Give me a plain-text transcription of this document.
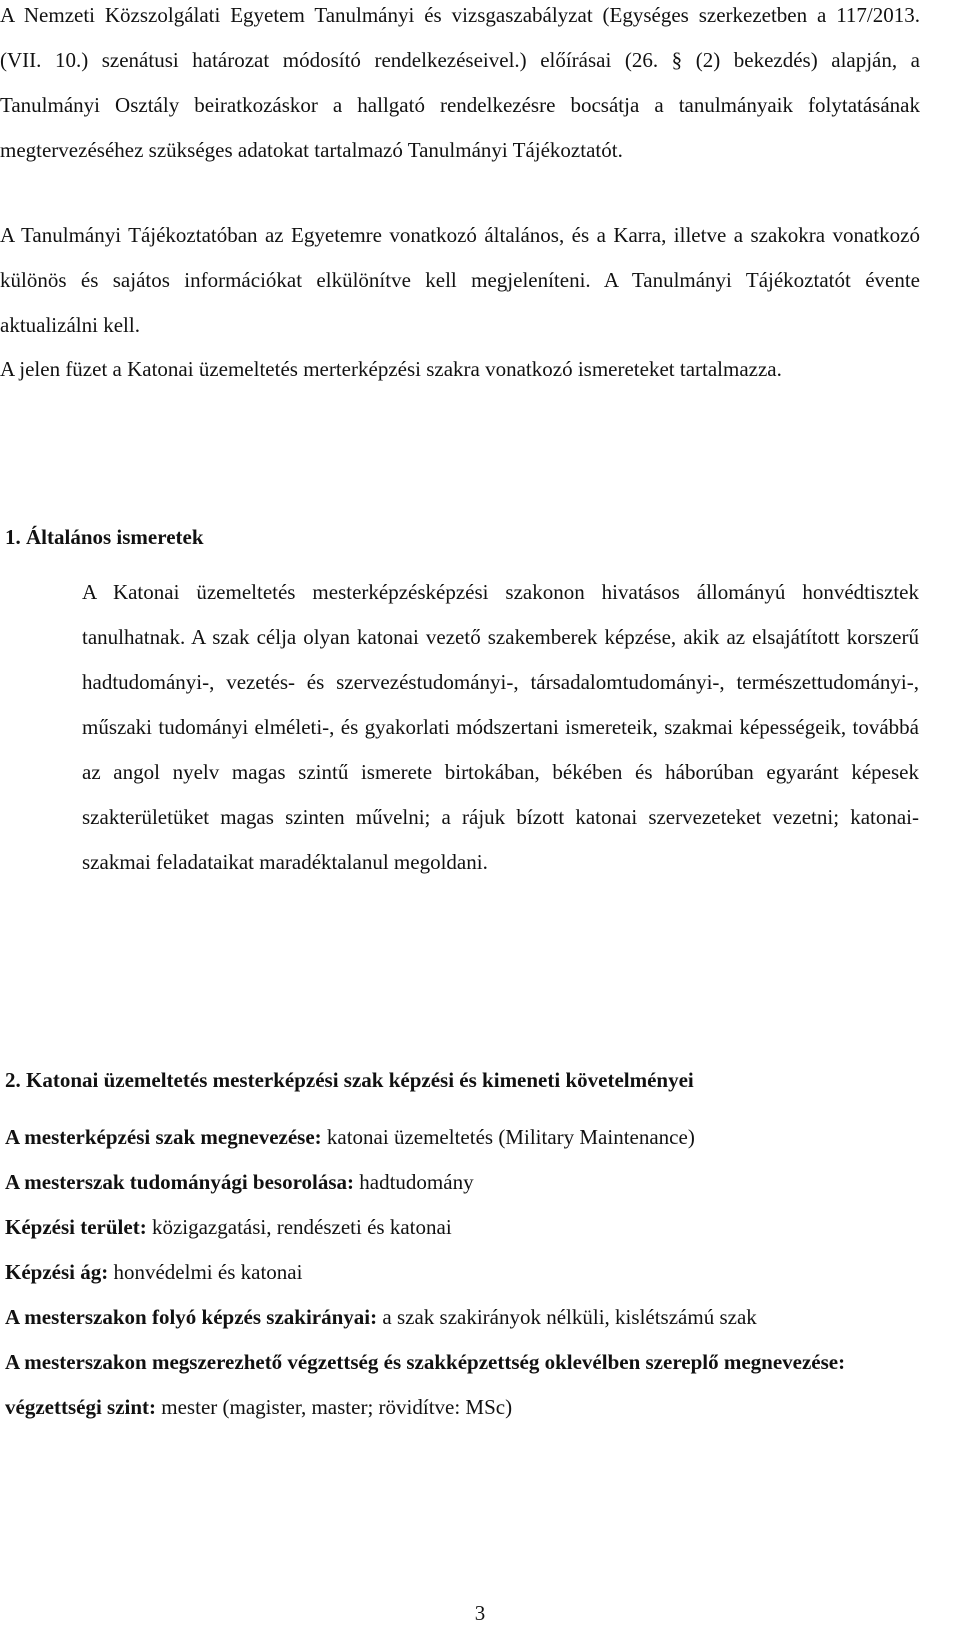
A Nemzeti Közszolgálati Egyetem Tanulmányi és vizsgaszabályzat (Egységes szerkezetben a 117/2013. (VII. 10.) szenátusi határozat módosító rendelkezéseivel.) előírásai (26. § (2) bekezdés) alapján, a Tanulmányi Osztály beiratkozáskor a hallgató rendelkezésre bocsátja a tanulmányaik folytatásának megtervezéséhez szükséges adatokat tartalmazó Tanulmányi Tájékoztatót.

A Tanulmányi Tájékoztatóban az Egyetemre vonatkozó általános, és a Karra, illetve a szakokra vonatkozó különös és sajátos információkat elkülönítve kell megjeleníteni. A Tanulmányi Tájékoztatót évente aktualizálni kell.

A jelen füzet a Katonai üzemeltetés merterképzési szakra vonatkozó ismereteket tartalmazza.

1. Általános ismeretek

A Katonai üzemeltetés mesterképzésképzési szakonon hivatásos állományú honvédtisztek tanulhatnak. A szak célja olyan katonai vezető szakemberek képzése, akik az elsajátított korszerű hadtudományi-, vezetés- és szervezéstudományi-, társadalomtudományi-, természettudományi-, műszaki tudományi elméleti-, és gyakorlati módszertani ismereteik, szakmai képességeik, továbbá az angol nyelv magas szintű ismerete birtokában, békében és háborúban egyaránt képesek szakterületüket magas szinten művelni; a rájuk bízott katonai szervezeteket vezetni; katonai-szakmai feladataikat maradéktalanul megoldani.

2. Katonai üzemeltetés mesterképzési szak képzési és kimeneti követelményei

A mesterképzési szak megnevezése: katonai üzemeltetés (Military Maintenance)

A mesterszak tudományági besorolása: hadtudomány

Képzési terület: közigazgatási, rendészeti és katonai

Képzési ág: honvédelmi és katonai

A mesterszakon folyó képzés szakirányai: a szak szakirányok nélküli, kislétszámú szak

A mesterszakon megszerezhető végzettség és szakképzettség oklevélben szereplő megnevezése:

végzettségi szint: mester (magister, master; rövidítve: MSc)

3
